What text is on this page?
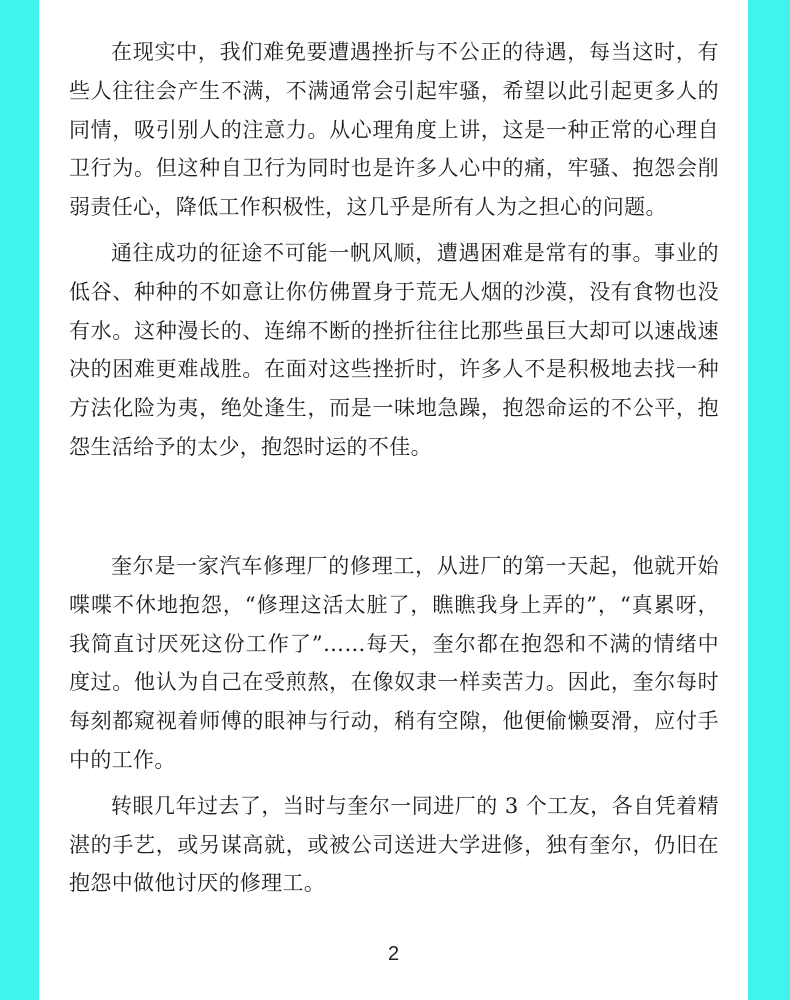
在现实中，我们难免要遭遇挫折与不公正的待遇，每当这时，有些人往往会产生不满，不满通常会引起牢骚，希望以此引起更多人的同情，吸引别人的注意力。从心理角度上讲，这是一种正常的心理自卫行为。但这种自卫行为同时也是许多人心中的痛，牢骚、抱怨会削弱责任心，降低工作积极性，这几乎是所有人为之担心的问题。

通往成功的征途不可能一帆风顺，遭遇困难是常有的事。事业的低谷、种种的不如意让你仿佛置身于荒无人烟的沙漠，没有食物也没有水。这种漫长的、连绵不断的挫折往往比那些虽巨大却可以速战速决的困难更难战胜。在面对这些挫折时，许多人不是积极地去找一种方法化险为夷，绝处逢生，而是一味地急躁，抱怨命运的不公平，抱怨生活给予的太少，抱怨时运的不佳。

奎尔是一家汽车修理厂的修理工，从进厂的第一天起，他就开始喋喋不休地抱怨，“修理这活太脏了，瞧瞧我身上弄的”，“真累呀，我简直讨厌死这份工作了”……每天，奎尔都在抱怨和不满的情绪中度过。他认为自己在受煎熬，在像奴隶一样卖苦力。因此，奎尔每时每刻都窥视着师傅的眼神与行动，稍有空隙，他便偷懒耍滑，应付手中的工作。

转眼几年过去了，当时与奎尔一同进厂的 3 个工友，各自凭着精湛的手艺，或另谋高就，或被公司送进大学进修，独有奎尔，仍旧在抱怨中做他讨厌的修理工。

2
